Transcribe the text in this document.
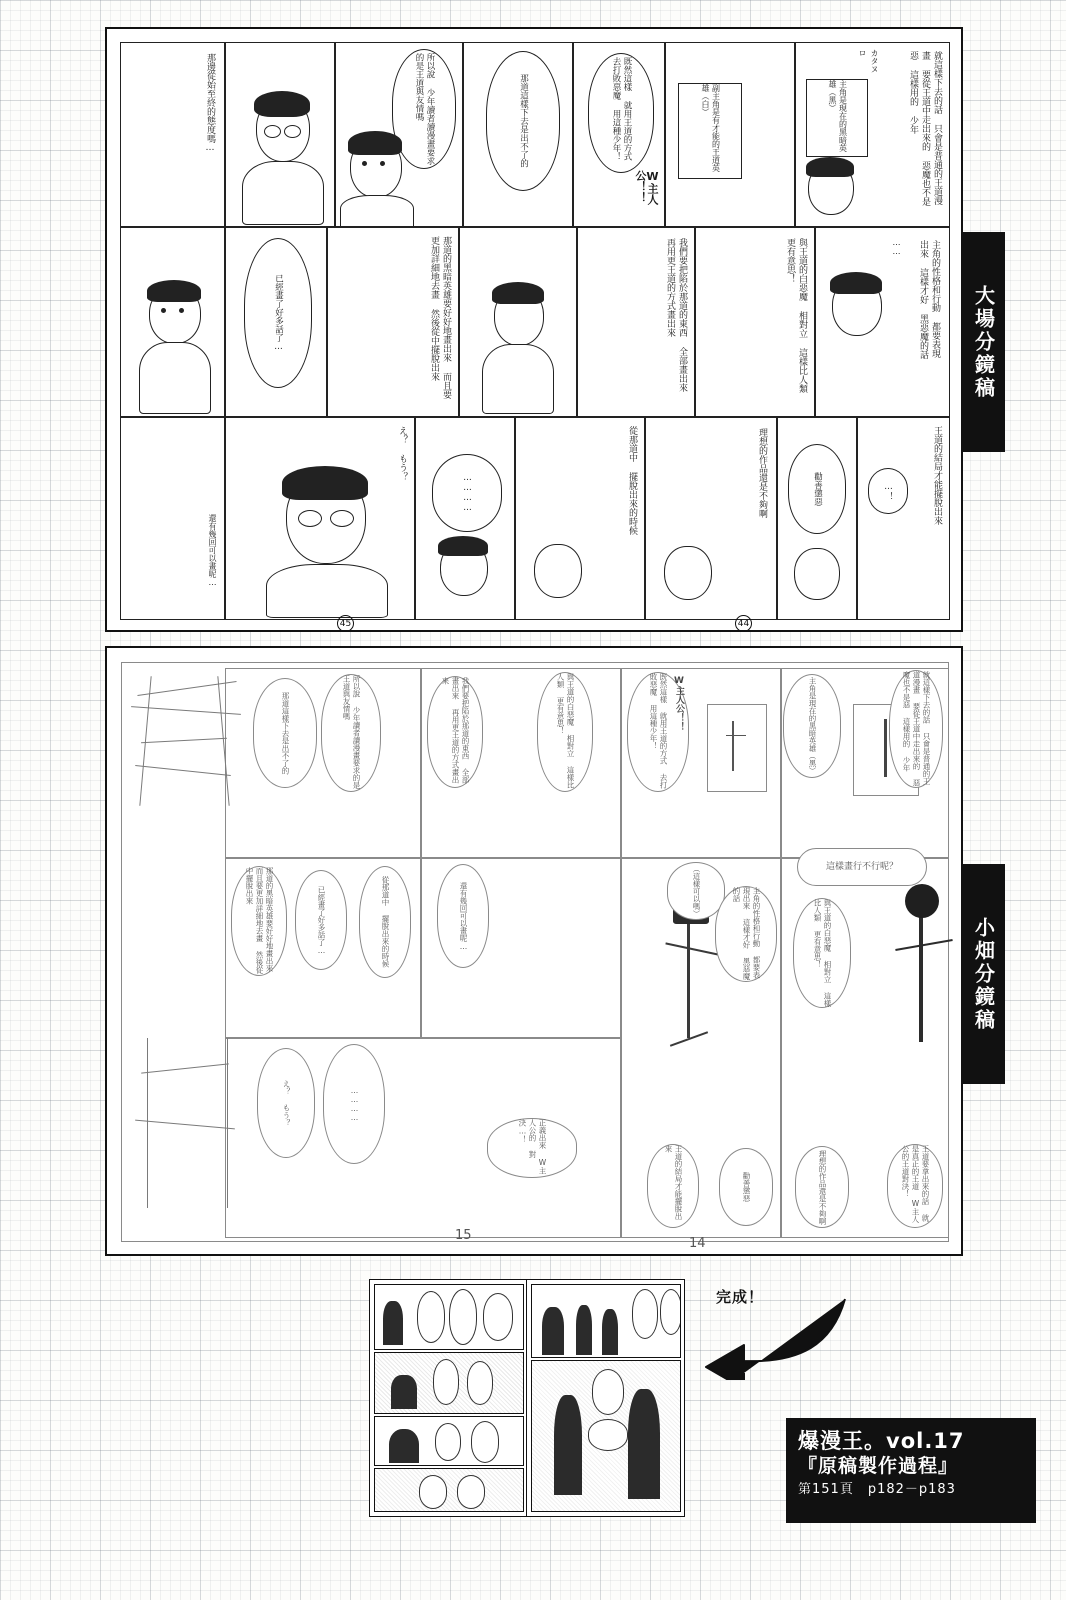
那邊從始至終的態度嗎…	所以說 少年讀者讀漫畫要求的是王道與友情嗎	那道這樣下去是出不了的	既然這樣 就用王道的方式 去打敗惡魔 用這種少年！
W主人公！！
副主角是有才能的王道英雄（白）	就這樣下去的話 只會是普通的王道漫畫 要從王道中走出來的 惡魔也不是惡 這樣用的 少年
主角是現在的黑暗英雄（黑）
カタヌロ
已經畫了好多話了…	那道的黑暗英雄要好好地畫出來 而且要更加詳細地去畫 然後從中擺脫出來	我們要把陷於那道的東西 全部畫出來 再用更王道的方式畫出來	與王道的白惡魔 相對立 這樣比人類 更有意思！	主角的性格和行動 都要表現出來 這樣才好 黑惡魔的話
……
還有幾回可以畫呢…
え？ もう？
…………	從那道中 擺脫出來的時候	理想的作品還是不夠啊	勸善懲惡	王道的結局才能擺脫出來
…！
45	44
大場分鏡稿
那道這樣下去是出不了的	所以說 少年讀者讀漫畫要求的是王道與友情嗎	我們要把陷於那道的東西 全部畫出來 再用更王道的方式畫出來	與王道的白惡魔 相對立 這樣比人類 更有意思！	既然這樣 就用王道的方式 去打敗惡魔 用這種少年！	主角是現在的黑暗英雄（黑）	就這樣下去的話 只會是普通的王道漫畫 要從王道中走出來的 惡魔也不是惡 這樣用的 少年
W主人公！！
那道的黑暗英雄要好好地畫出來 而且要更加詳細地去畫 然後從中擺脫出來	已經畫了好多話了…	從那道中 擺脫出來的時候	還有幾回可以畫呢…	（這樣可以嗎）	主角的性格和行動 都要表現出來 這樣才好 黑惡魔的話
這樣畫行不行呢？
與王道的白惡魔 相對立 這樣比人類 更有意思！
え？ もう？	…………
正義出來 W主人公的 對決…！
勸善懲惡	理想的作品還是不夠啊	王道要拿出來的話 就是真正的王道 W主人公的王道對決！
王道的結局才能擺脫出來
15
14
小畑分鏡稿
完成！
爆漫王。vol.17
『原稿製作過程』
第151頁　p182－p183
